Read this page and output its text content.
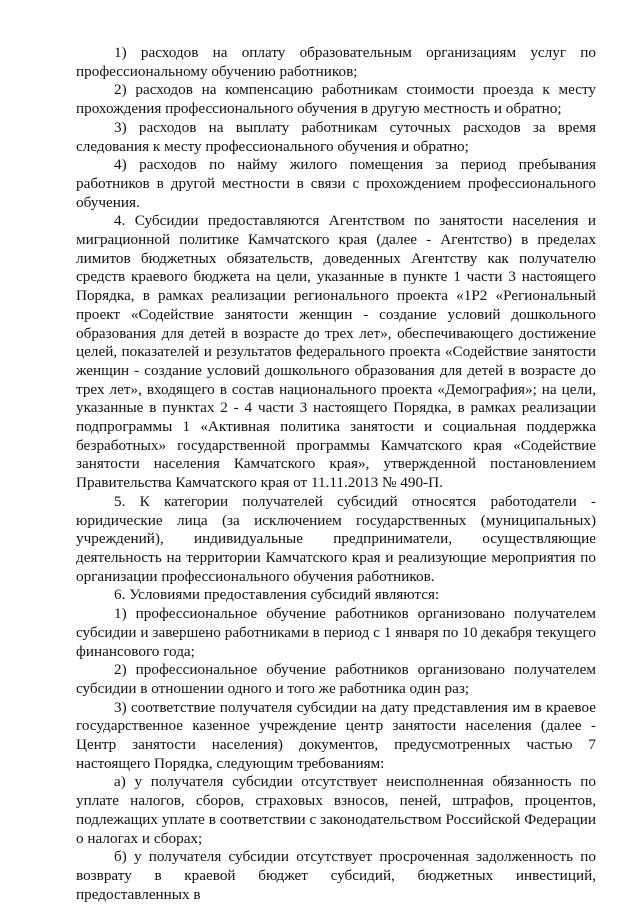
1) расходов на оплату образовательным организациям услуг по профессиональному обучению работников;

2) расходов на компенсацию работникам стоимости проезда к месту прохождения профессионального обучения в другую местность и обратно;

3) расходов на выплату работникам суточных расходов за время следования к месту профессионального обучения и обратно;

4) расходов по найму жилого помещения за период пребывания работников в другой местности в связи с прохождением профессионального обучения.

4. Субсидии предоставляются Агентством по занятости населения и миграционной политике Камчатского края (далее - Агентство) в пределах лимитов бюджетных обязательств, доведенных Агентству как получателю средств краевого бюджета на цели, указанные в пункте 1 части 3 настоящего Порядка, в рамках реализации регионального проекта «1Р2 «Региональный проект «Содействие занятости женщин - создание условий дошкольного образования для детей в возрасте до трех лет», обеспечивающего достижение целей, показателей и результатов федерального проекта «Содействие занятости женщин - создание условий дошкольного образования для детей в возрасте до трех лет», входящего в состав национального проекта «Демография»; на цели, указанные в пунктах 2 - 4 части 3 настоящего Порядка, в рамках реализации подпрограммы 1 «Активная политика занятости и социальная поддержка безработных» государственной программы Камчатского края «Содействие занятости населения Камчатского края», утвержденной постановлением Правительства Камчатского края от 11.11.2013 № 490-П.

5. К категории получателей субсидий относятся работодатели - юридические лица (за исключением государственных (муниципальных) учреждений), индивидуальные предприниматели, осуществляющие деятельность на территории Камчатского края и реализующие мероприятия по организации профессионального обучения работников.

6. Условиями предоставления субсидий являются:

1) профессиональное обучение работников организовано получателем субсидии и завершено работниками в период с 1 января по 10 декабря текущего финансового года;

2) профессиональное обучение работников организовано получателем субсидии в отношении одного и того же работника один раз;

3) соответствие получателя субсидии на дату представления им в краевое государственное казенное учреждение центр занятости населения (далее - Центр занятости населения) документов, предусмотренных частью 7 настоящего Порядка, следующим требованиям:

а) у получателя субсидии отсутствует неисполненная обязанность по уплате налогов, сборов, страховых взносов, пеней, штрафов, процентов, подлежащих уплате в соответствии с законодательством Российской Федерации о налогах и сборах;

б) у получателя субсидии отсутствует просроченная задолженность по возврату в краевой бюджет субсидий, бюджетных инвестиций, предоставленных в
